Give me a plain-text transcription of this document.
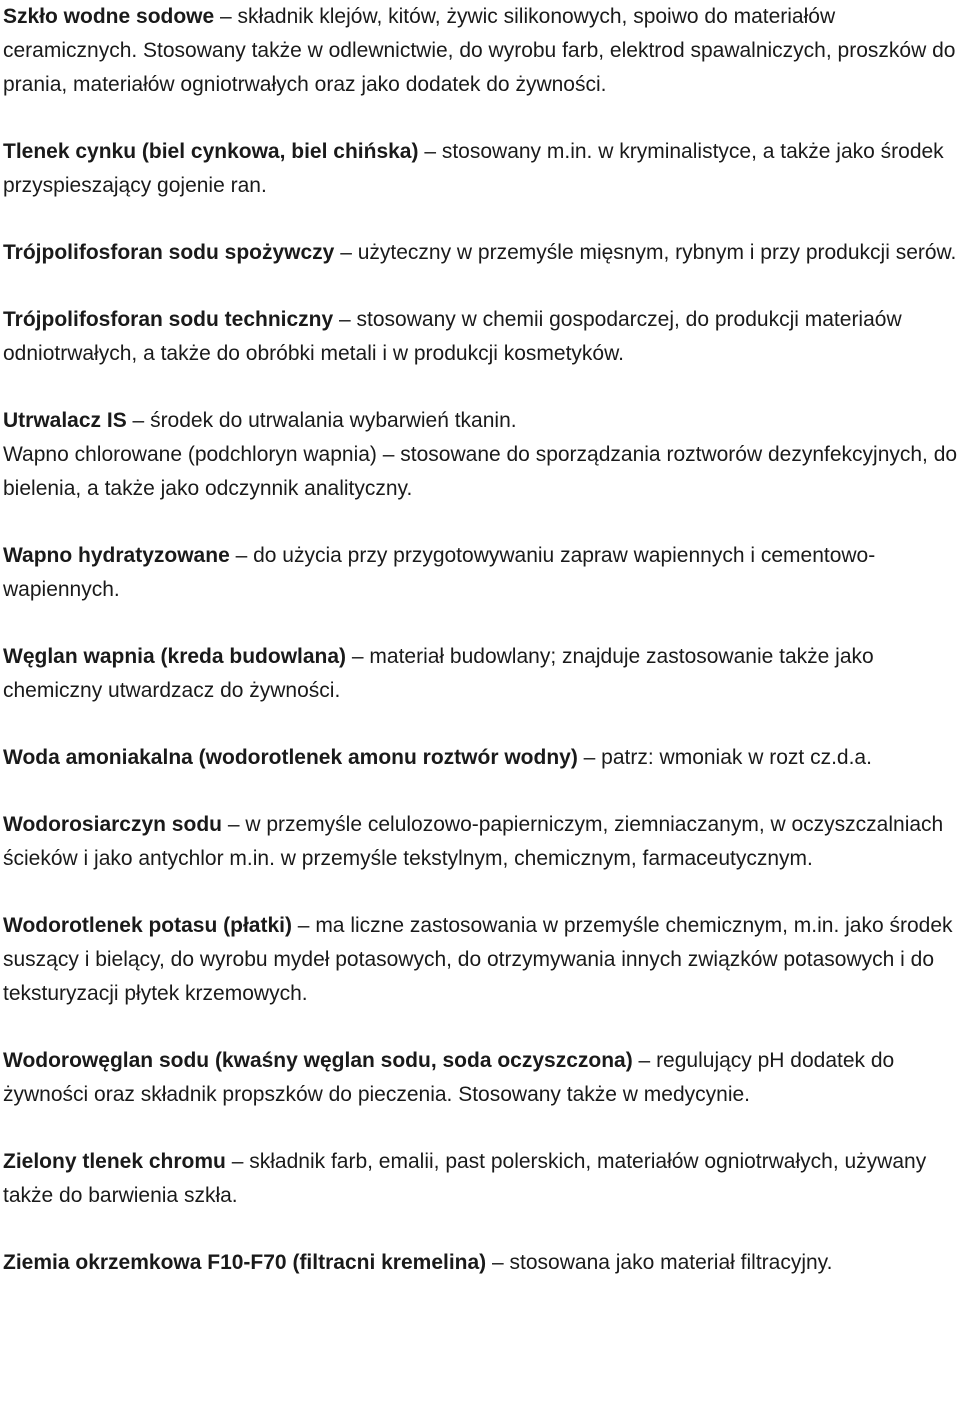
Szkło wodne sodowe – składnik klejów, kitów, żywic silikonowych, spoiwo do materiałów ceramicznych. Stosowany także w odlewnictwie, do wyrobu farb, elektrod spawalniczych, proszków do prania, materiałów ogniotrwałych oraz jako dodatek do żywności.

Tlenek cynku (biel cynkowa, biel chińska) – stosowany m.in. w kryminalistyce, a także jako środek przyspieszający gojenie ran.

Trójpolifosforan sodu spożywczy – użyteczny w przemyśle mięsnym, rybnym i przy produkcji serów.

Trójpolifosforan sodu techniczny – stosowany w chemii gospodarczej, do produkcji materiaów odniotrwałych, a także do obróbki metali i w produkcji kosmetyków.

Utrwalacz IS – środek do utrwalania wybarwień tkanin.

Wapno chlorowane (podchloryn wapnia) – stosowane do sporządzania roztworów dezynfekcyjnych, do bielenia, a także jako odczynnik analityczny.

Wapno hydratyzowane – do użycia przy przygotowywaniu zapraw wapiennych i cementowo-wapiennych.

Węglan wapnia (kreda budowlana) – materiał budowlany; znajduje zastosowanie także jako chemiczny utwardzacz do żywności.

Woda amoniakalna (wodorotlenek amonu roztwór wodny) – patrz: wmoniak w rozt cz.d.a.

Wodorosiarczyn sodu – w przemyśle celulozowo-papierniczym, ziemniaczanym, w oczyszczalniach ścieków i jako antychlor m.in. w przemyśle tekstylnym, chemicznym, farmaceutycznym.

Wodorotlenek potasu (płatki) – ma liczne zastosowania w przemyśle chemicznym, m.in. jako środek suszący i bielący, do wyrobu mydeł potasowych, do otrzymywania innych związków potasowych i do teksturyzacji płytek krzemowych.

Wodorowęglan sodu (kwaśny węglan sodu, soda oczyszczona) – regulujący pH dodatek do żywności oraz składnik propszków do pieczenia. Stosowany także w medycynie.

Zielony tlenek chromu – składnik farb, emalii, past polerskich, materiałów ogniotrwałych, używany także do barwienia szkła.

Ziemia okrzemkowa F10-F70 (filtracni kremelina) – stosowana jako materiał filtracyjny.
